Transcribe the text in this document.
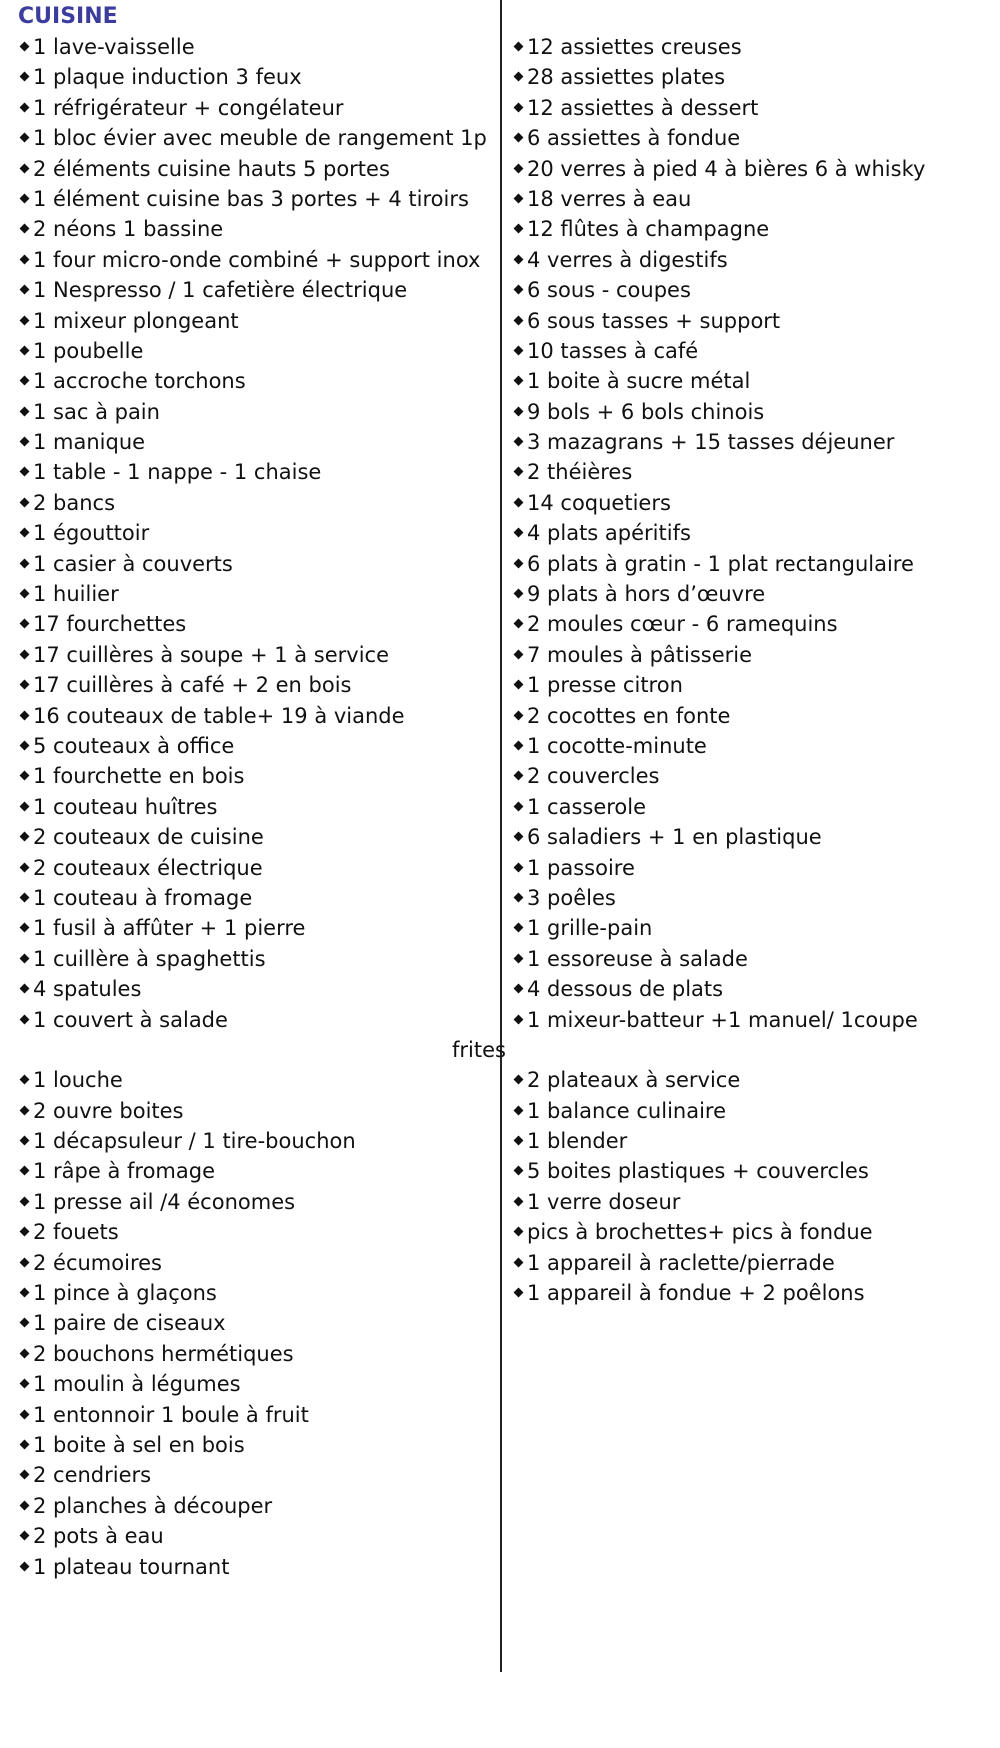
CUISINE
1 lave-vaisselle
1 plaque induction 3 feux
1 réfrigérateur + congélateur
1 bloc évier avec meuble de rangement 1p
2 éléments cuisine hauts 5 portes
1 élément cuisine bas 3 portes + 4 tiroirs
2 néons 1 bassine
1 four micro-onde combiné + support inox
1 Nespresso / 1 cafetière électrique
1 mixeur plongeant
1 poubelle
1 accroche torchons
1 sac à pain
1 manique
1 table - 1 nappe - 1 chaise
2 bancs
1 égouttoir
1 casier à couverts
1 huilier
17 fourchettes
17 cuillères à soupe + 1 à service
17 cuillères à café + 2 en bois
16 couteaux de table+ 19 à viande
5 couteaux à office
1 fourchette en bois
1 couteau huîtres
2 couteaux de cuisine
2 couteaux électrique
1 couteau à fromage
1 fusil à affûter + 1 pierre
1 cuillère à spaghettis
4 spatules
1 couvert à salade
1 louche
2 ouvre boites
1 décapsuleur / 1 tire-bouchon
1 râpe à fromage
1 presse ail /4 économes
2 fouets
2 écumoires
1 pince à glaçons
1 paire de ciseaux
2 bouchons hermétiques
1 moulin à légumes
1 entonnoir 1 boule à fruit
1 boite à sel en bois
2 cendriers
2 planches à découper
2 pots à eau
1 plateau tournant
12 assiettes creuses
28 assiettes plates
12 assiettes à dessert
6 assiettes à fondue
20 verres à pied 4 à bières 6 à whisky
18 verres à eau
12 flûtes à champagne
4 verres à digestifs
6 sous - coupes
6 sous tasses + support
10 tasses à café
1 boite à sucre métal
9 bols + 6 bols chinois
3 mazagrans + 15 tasses déjeuner
2 théières
14 coquetiers
4 plats apéritifs
6 plats à gratin - 1 plat rectangulaire
9 plats à hors d’œuvre
2 moules cœur - 6 ramequins
7 moules à pâtisserie
1 presse citron
2 cocottes en fonte
1 cocotte-minute
2 couvercles
1 casserole
6 saladiers + 1 en plastique
1 passoire
3 poêles
1 grille-pain
1 essoreuse à salade
4 dessous de plats
1 mixeur-batteur +1 manuel/ 1coupe
frites
2 plateaux à service
1 balance culinaire
1 blender
5 boites plastiques + couvercles
1 verre doseur
pics à brochettes+ pics à fondue
1 appareil à raclette/pierrade
1 appareil à fondue + 2 poêlons
